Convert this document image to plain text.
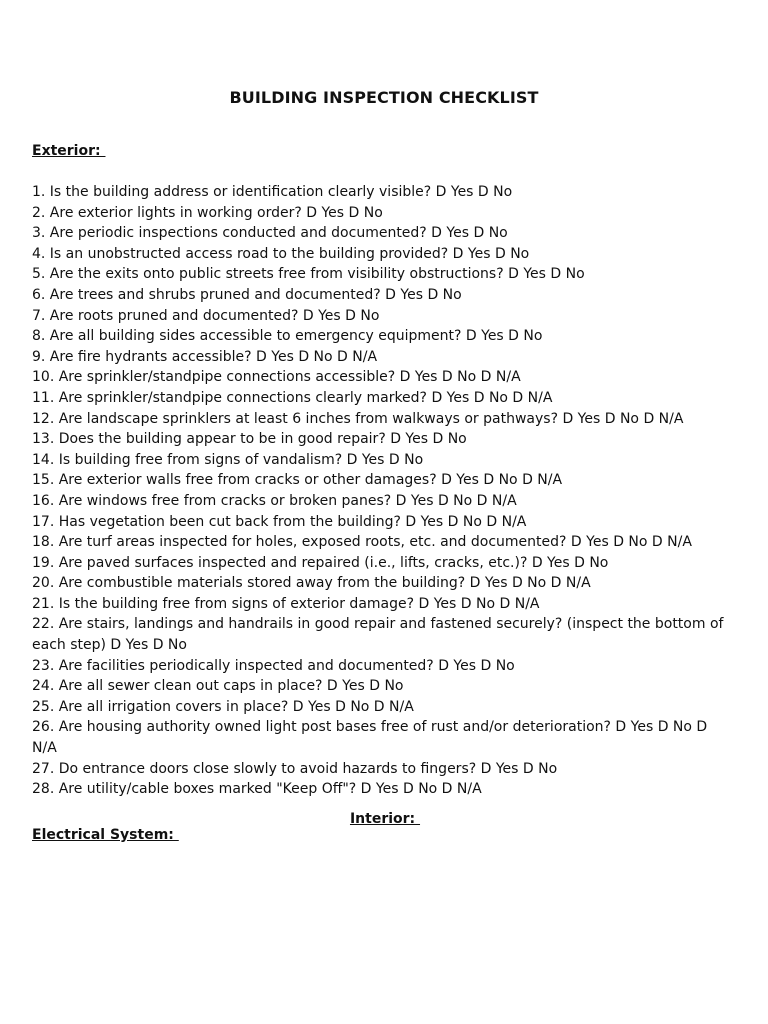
BUILDING INSPECTION CHECKLIST
Exterior:
1. Is the building address or identification clearly visible? D Yes D No
2. Are exterior lights in working order? D Yes D No
3. Are periodic inspections conducted and documented? D Yes D No
4. Is an unobstructed access road to the building provided? D Yes D No
5. Are the exits onto public streets free from visibility obstructions? D Yes D No
6. Are trees and shrubs pruned and documented? D Yes D No
7. Are roots pruned and documented? D Yes D No
8. Are all building sides accessible to emergency equipment? D Yes D No
9. Are fire hydrants accessible? D Yes D No D N/A
10. Are sprinkler/standpipe connections accessible? D Yes D No D N/A
11. Are sprinkler/standpipe connections clearly marked? D Yes D No D N/A
12. Are landscape sprinklers at least 6 inches from walkways or pathways? D Yes D No D N/A
13. Does the building appear to be in good repair? D Yes D No
14. Is building free from signs of vandalism? D Yes D No
15. Are exterior walls free from cracks or other damages? D Yes D No D N/A
16. Are windows free from cracks or broken panes? D Yes D No D N/A
17. Has vegetation been cut back from the building? D Yes D No D N/A
18. Are turf areas inspected for holes, exposed roots, etc. and documented? D Yes D No D N/A
19. Are paved surfaces inspected and repaired (i.e., lifts, cracks, etc.)? D Yes D No
20. Are combustible materials stored away from the building? D Yes D No D N/A
21. Is the building free from signs of exterior damage? D Yes D No D N/A
22. Are stairs, landings and handrails in good repair and fastened securely? (inspect the bottom of each step) D Yes D No
23. Are facilities periodically inspected and documented? D Yes D No
24. Are all sewer clean out caps in place? D Yes D No
25. Are all irrigation covers in place? D Yes D No D N/A
26. Are housing authority owned light post bases free of rust and/or deterioration? D Yes D No D N/A
27. Do entrance doors close slowly to avoid hazards to fingers? D Yes D No
28. Are utility/cable boxes marked "Keep Off"? D Yes D No D N/A
Interior:
Electrical System:
